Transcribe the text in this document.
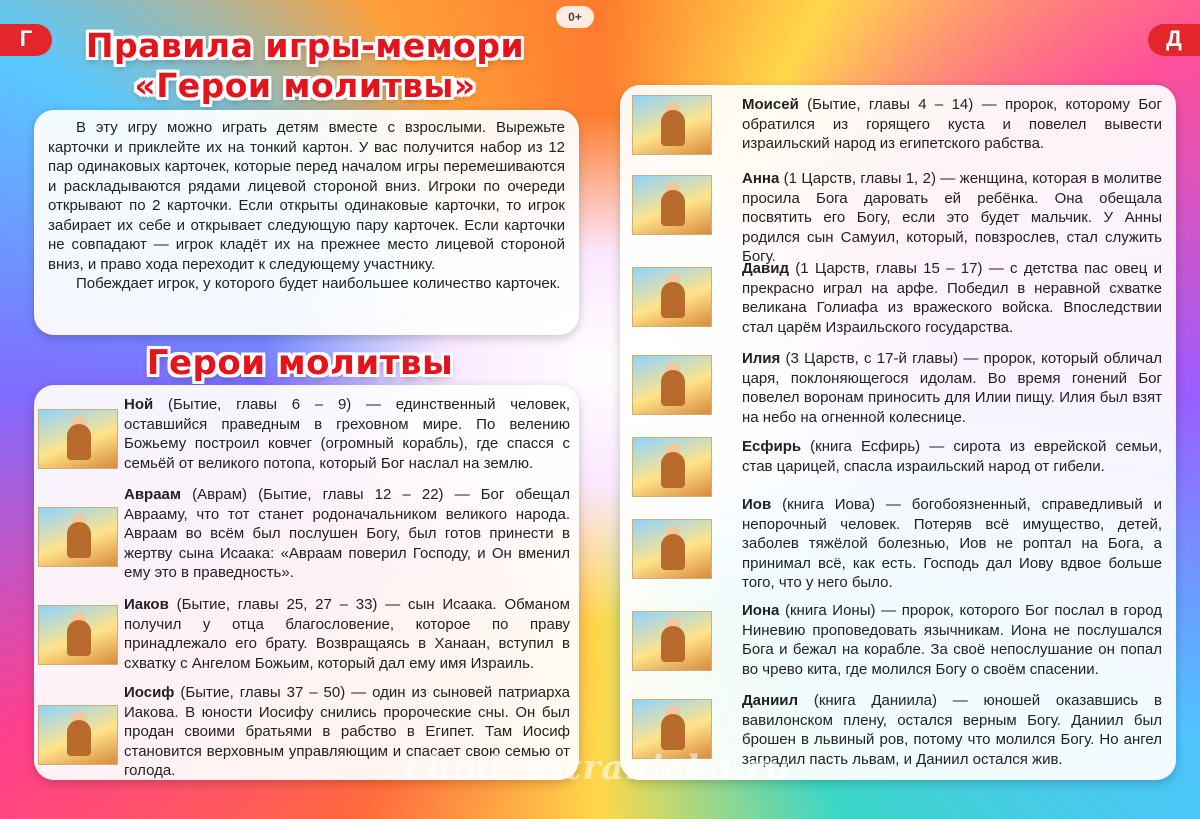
Г	Д
0+
Правила игры-мемори
«Герои молитвы»

В эту игру можно играть детям вместе с взрослыми. Вырежьте карточки и приклейте их на тонкий картон. У вас получится набор из 12 пар одинаковых карточек, которые перед началом игры перемешиваются и раскладываются рядами лицевой стороной вниз. Игроки по очереди открывают по 2 карточки. Если открыты одинаковые карточки, то игрок забирает их себе и открывает следующую пару карточек. Если карточки не совпадают — игрок кладёт их на прежнее место лицевой стороной вниз, и право хода переходит к следующему участнику.

Побеждает игрок, у которого будет наибольшее количество карточек.

Герои молитвы
Ной (Бытие, главы 6 – 9) — единственный человек, оставшийся праведным в греховном мире. По велению Божьему построил ковчег (огромный корабль), где спасся с семьёй от великого потопа, который Бог наслал на землю.
Авраам (Аврам) (Бытие, главы 12 – 22) — Бог обещал Аврааму, что тот станет родоначальником великого народа. Авраам во всём был послушен Богу, был готов принести в жертву сына Исаака: «Авраам поверил Господу, и Он вменил ему это в праведность».
Иаков (Бытие, главы 25, 27 – 33) — сын Исаака. Обманом получил у отца благословение, которое по праву принадлежало его брату. Возвращаясь в Ханаан, вступил в схватку с Ангелом Божьим, который дал ему имя Израиль.
Иосиф (Бытие, главы 37 – 50) — один из сыновей патриарха Иакова. В юности Иосифу снились пророческие сны. Он был продан своими братьями в рабство в Египет. Там Иосиф становится верховным управляющим и спасает свою семью от голода.
Моисей (Бытие, главы 4 – 14) — пророк, которому Бог обратился из горящего куста и повелел вывести израильский народ из египетского рабства.
Анна (1 Царств, главы 1, 2) — женщина, которая в молитве просила Бога даровать ей ребёнка. Она обещала посвятить его Богу, если это будет мальчик. У Анны родился сын Самуил, который, повзрослев, стал служить Богу.
Давид (1 Царств, главы 15 – 17) — с детства пас овец и прекрасно играл на арфе. Победил в неравной схватке великана Голиафа из вражеского войска. Впоследствии стал царём Израильского государства.
Илия (3 Царств, с 17-й главы) — пророк, который обличал царя, поклоняющегося идолам. Во время гонений Бог повелел воронам приносить для Илии пищу. Илия был взят на небо на огненной колеснице.
Есфирь (книга Есфирь) — сирота из еврейской семьи, став царицей, спасла израильский народ от гибели.
Иов (книга Иова) — богобоязненный, справедливый и непорочный человек. Потеряв всё имущество, детей, заболев тяжёлой болезнью, Иов не роптал на Бога, а принимал всё, как есть. Господь дал Иову вдвое больше того, что у него было.
Иона (книга Ионы) — пророк, которого Бог послал в город Ниневию проповедовать язычникам. Иона не послушался Бога и бежал на корабле. За своё непослушание он попал во чрево кита, где молился Богу о своём спасении.
Даниил (книга Даниила) — юношей оказавшись в вавилонском плену, остался верным Богу. Даниил был брошен в львиный ров, потому что молился Богу. Но ангел заградил пасть львам, и Даниил остался жив.
chudesstranicka.ru
